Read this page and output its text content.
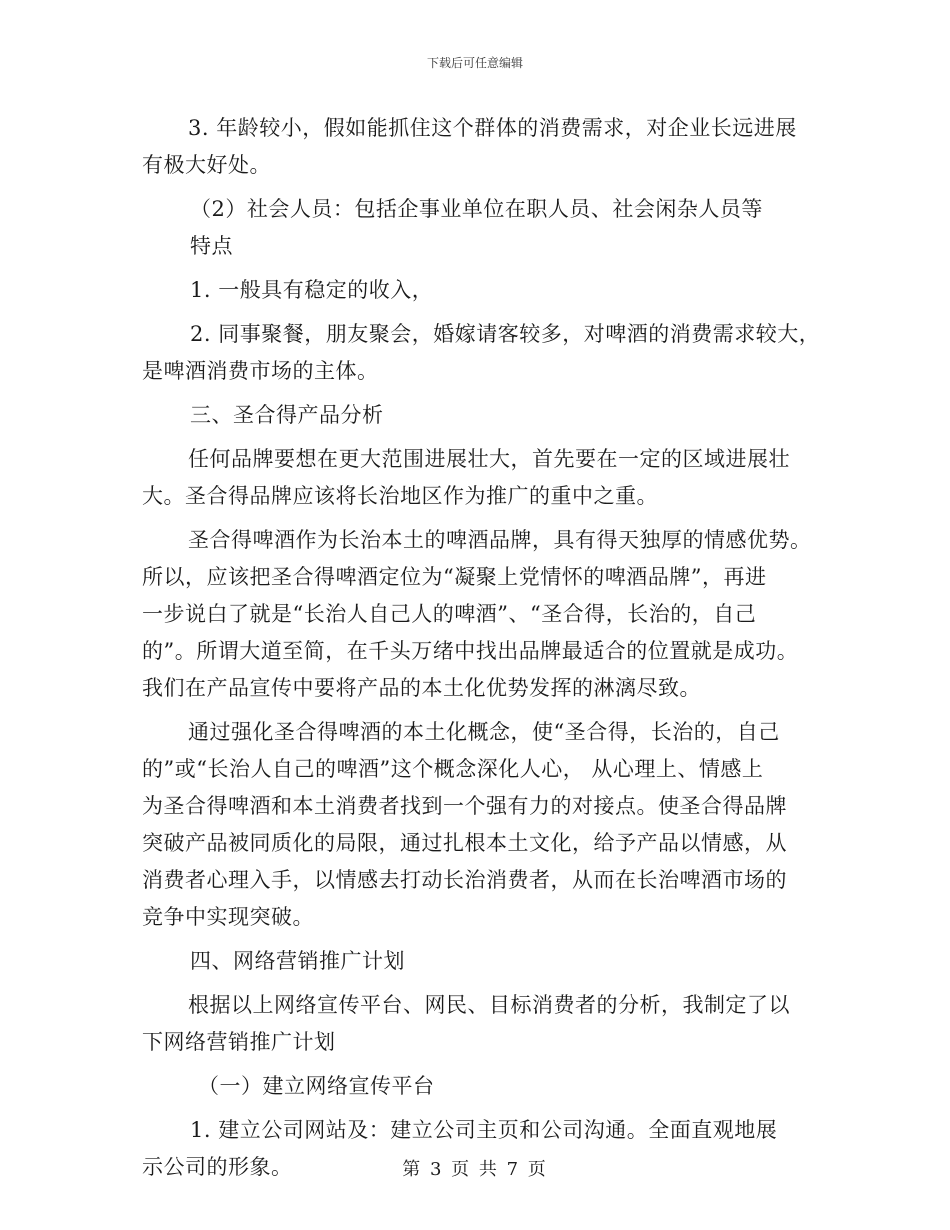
下载后可任意编辑
3. 年龄较小，假如能抓住这个群体的消费需求，对企业长远进展
有极大好处。
（2）社会人员：包括企事业单位在职人员、社会闲杂人员等
特点
1. 一般具有稳定的收入，
2. 同事聚餐，朋友聚会，婚嫁请客较多，对啤酒的消费需求较大，
是啤酒消费市场的主体。
三、圣合得产品分析
任何品牌要想在更大范围进展壮大，首先要在一定的区域进展壮
大。圣合得品牌应该将长治地区作为推广的重中之重。
圣合得啤酒作为长治本土的啤酒品牌，具有得天独厚的情感优势。
所以，应该把圣合得啤酒定位为“凝聚上党情怀的啤酒品牌”，再进
一步说白了就是“长治人自己人的啤酒”、“圣合得，长治的，自己
的”。所谓大道至简，在千头万绪中找出品牌最适合的位置就是成功。
我们在产品宣传中要将产品的本土化优势发挥的淋漓尽致。
通过强化圣合得啤酒的本土化概念，使“圣合得，长治的，自己
的”或“长治人自己的啤酒”这个概念深化人心， 从心理上、情感上
为圣合得啤酒和本土消费者找到一个强有力的对接点。使圣合得品牌
突破产品被同质化的局限，通过扎根本土文化，给予产品以情感，从
消费者心理入手，以情感去打动长治消费者，从而在长治啤酒市场的
竞争中实现突破。
四、网络营销推广计划
根据以上网络宣传平台、网民、目标消费者的分析，我制定了以
下网络营销推广计划
（一）建立网络宣传平台
1. 建立公司网站及：建立公司主页和公司沟通。全面直观地展
示公司的形象。	第 3 页 共 7 页
